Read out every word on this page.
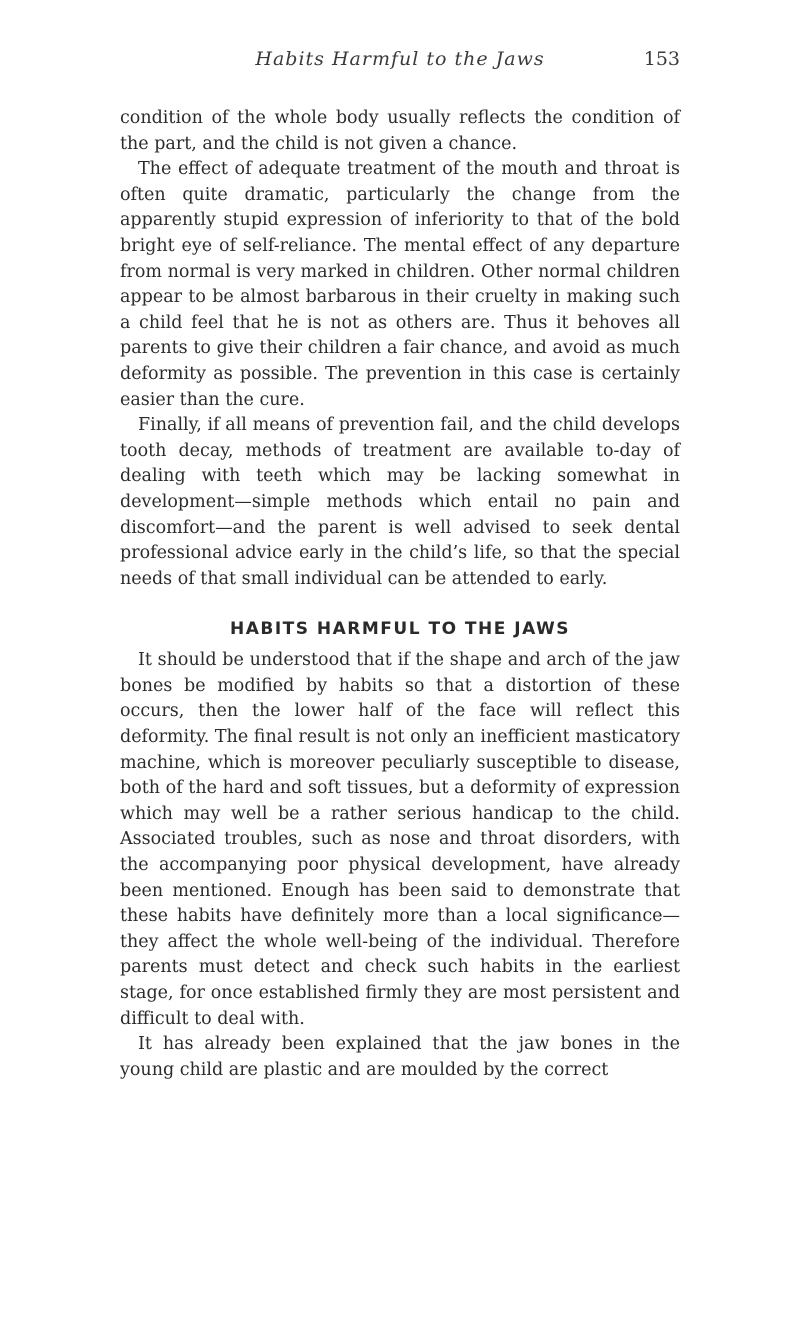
Habits Harmful to the Jaws	153

condition of the whole body usually reflects the condition of the part, and the child is not given a chance.

The effect of adequate treatment of the mouth and throat is often quite dramatic, particularly the change from the apparently stupid expression of inferiority to that of the bold bright eye of self-reliance. The mental effect of any departure from normal is very marked in children. Other normal children appear to be almost barbarous in their cruelty in making such a child feel that he is not as others are. Thus it behoves all parents to give their children a fair chance, and avoid as much deformity as possible. The prevention in this case is certainly easier than the cure.

Finally, if all means of prevention fail, and the child develops tooth decay, methods of treatment are available to-day of dealing with teeth which may be lacking somewhat in development—simple methods which entail no pain and discomfort—and the parent is well advised to seek dental professional advice early in the child’s life, so that the special needs of that small individual can be attended to early.

HABITS HARMFUL TO THE JAWS

It should be understood that if the shape and arch of the jaw bones be modified by habits so that a distortion of these occurs, then the lower half of the face will reflect this deformity. The final result is not only an inefficient masticatory machine, which is moreover peculiarly susceptible to disease, both of the hard and soft tissues, but a deformity of expression which may well be a rather serious handicap to the child. Associated troubles, such as nose and throat disorders, with the accompanying poor physical development, have already been mentioned. Enough has been said to demonstrate that these habits have definitely more than a local significance— they affect the whole well-being of the individual. Therefore parents must detect and check such habits in the earliest stage, for once established firmly they are most persistent and difficult to deal with.

It has already been explained that the jaw bones in the young child are plastic and are moulded by the correct
